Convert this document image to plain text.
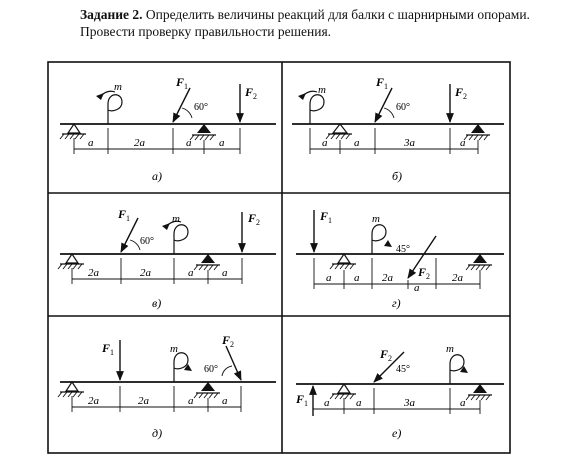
Задание 2. Определить величины реакций для балки с шарнирными опорами. Провести проверку правильности решения.
m	F 1
60°
F 2
a	2a	a	a
а)
m
F 1
60°
F 2
a a	3a	a
б)
F 1
60°
m	F 2
2a	2a	a	a
в)
F 1	m
45°
F 2
a a 2a
a
2a
г)
F 1	m
F 2
60°
2a	2a	a	a
д)
F 1
F 2
45°
m
a a	3a	a
е)
